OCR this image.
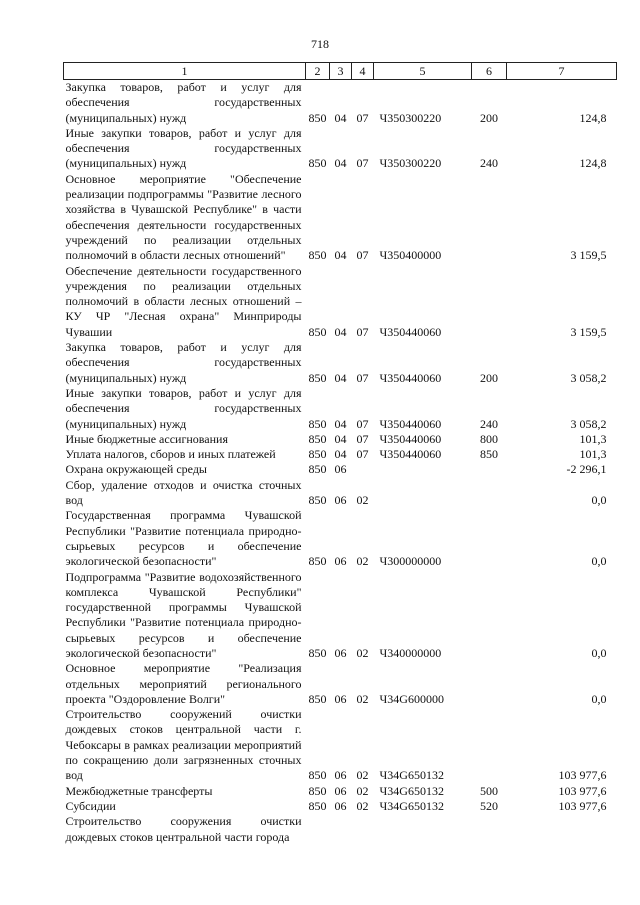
718
1	2	3	4	5	6	7
Закупка товаров, работ и услуг для обеспечения государственных (муниципальных) нужд	850	04	07	Ч350300220	200	124,8
Иные закупки товаров, работ и услуг для обеспечения государственных (муниципальных) нужд	850	04	07	Ч350300220	240	124,8
Основное мероприятие "Обеспечение реализации подпрограммы "Развитие лесного хозяйства в Чувашской Республике" в части обеспечения деятельности государственных учреждений по реализации отдельных полномочий в области лесных отношений"	850	04	07	Ч350400000		3 159,5
Обеспечение деятельности государственного учреждения по реализации отдельных полномочий в области лесных отношений – КУ ЧР "Лесная охрана" Минприроды Чувашии	850	04	07	Ч350440060		3 159,5
Закупка товаров, работ и услуг для обеспечения государственных (муниципальных) нужд	850	04	07	Ч350440060	200	3 058,2
Иные закупки товаров, работ и услуг для обеспечения государственных (муниципальных) нужд	850	04	07	Ч350440060	240	3 058,2
Иные бюджетные ассигнования	850	04	07	Ч350440060	800	101,3
Уплата налогов, сборов и иных платежей	850	04	07	Ч350440060	850	101,3
Охрана окружающей среды	850	06				-2 296,1
Сбор, удаление отходов и очистка сточных вод	850	06	02			0,0
Государственная программа Чувашской Республики "Развитие потенциала природно-сырьевых ресурсов и обеспечение экологической безопасности"	850	06	02	Ч300000000		0,0
Подпрограмма "Развитие водохозяйственного комплекса Чувашской Республики" государственной программы Чувашской Республики "Развитие потенциала природно-сырьевых ресурсов и обеспечение экологической безопасности"	850	06	02	Ч340000000		0,0
Основное мероприятие "Реализация отдельных мероприятий регионального проекта "Оздоровление Волги"	850	06	02	Ч34G600000		0,0
Строительство сооружений очистки дождевых стоков центральной части г. Чебоксары в рамках реализации мероприятий по сокращению доли загрязненных сточных вод	850	06	02	Ч34G650132		103 977,6
Межбюджетные трансферты	850	06	02	Ч34G650132	500	103 977,6
Субсидии	850	06	02	Ч34G650132	520	103 977,6
Строительство сооружения очистки дождевых стоков центральной части города						
